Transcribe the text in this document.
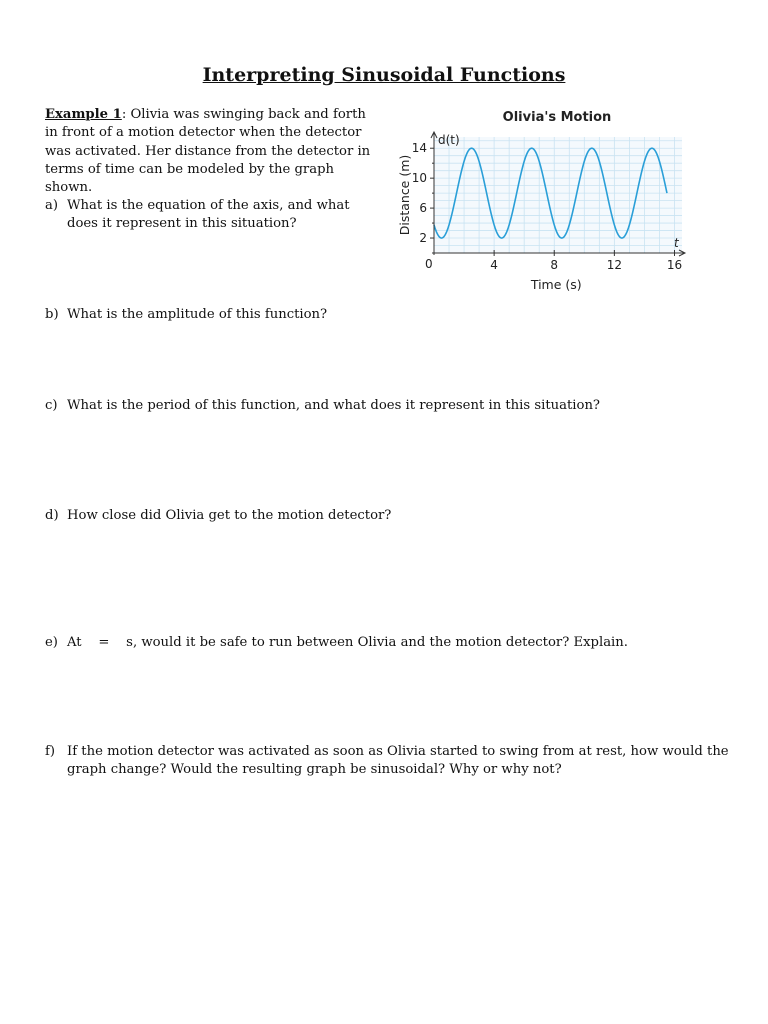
Interpreting Sinusoidal Functions
Example 1: Olivia was swinging back and forth in front of a motion detector when the detector was activated. Her distance from the detector in terms of time can be modeled by the graph shown.
a) What is the equation of the axis, and what does it represent in this situation?
b) What is the amplitude of this function?
c) What is the period of this function, and what does it represent in this situation?
d) How close did Olivia get to the motion detector?
e) At    =    s, would it be safe to run between Olivia and the motion detector? Explain.
f) If the motion detector was activated as soon as Olivia started to swing from at rest, how would the graph change? Would the resulting graph be sinusoidal? Why or why not?
Olivia's Motion
4	8	12	16
2
6
10
14
Distance (m)
Time (s)
d(t)
t
0
